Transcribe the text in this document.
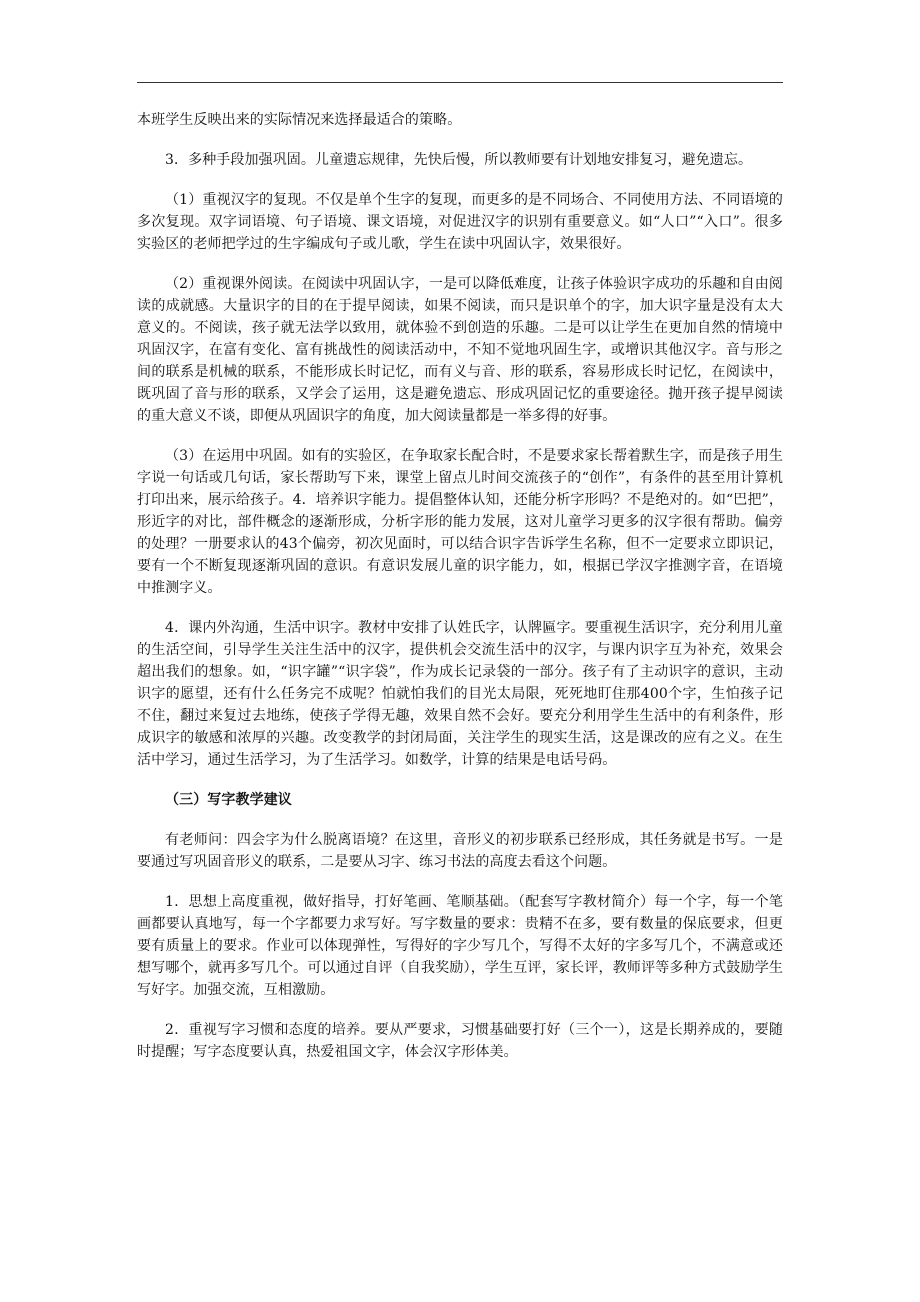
本班学生反映出来的实际情况来选择最适合的策略。

3．多种手段加强巩固。儿童遗忘规律，先快后慢，所以教师要有计划地安排复习，避免遗忘。

（1）重视汉字的复现。不仅是单个生字的复现，而更多的是不同场合、不同使用方法、不同语境的多次复现。双字词语境、句子语境、课文语境，对促进汉字的识别有重要意义。如“人口”“入口”。很多实验区的老师把学过的生字编成句子或儿歌，学生在读中巩固认字，效果很好。

（2）重视课外阅读。在阅读中巩固认字，一是可以降低难度，让孩子体验识字成功的乐趣和自由阅读的成就感。大量识字的目的在于提早阅读，如果不阅读，而只是识单个的字，加大识字量是没有太大意义的。不阅读，孩子就无法学以致用，就体验不到创造的乐趣。二是可以让学生在更加自然的情境中巩固汉字，在富有变化、富有挑战性的阅读活动中，不知不觉地巩固生字，或增识其他汉字。音与形之间的联系是机械的联系，不能形成长时记忆，而有义与音、形的联系，容易形成长时记忆，在阅读中，既巩固了音与形的联系，又学会了运用，这是避免遗忘、形成巩固记忆的重要途径。抛开孩子提早阅读的重大意义不谈，即便从巩固识字的角度，加大阅读量都是一举多得的好事。

（3）在运用中巩固。如有的实验区，在争取家长配合时，不是要求家长帮着默生字，而是孩子用生字说一句话或几句话，家长帮助写下来，课堂上留点儿时间交流孩子的“创作”，有条件的甚至用计算机打印出来，展示给孩子。4．培养识字能力。提倡整体认知，还能分析字形吗？不是绝对的。如“巴把”，形近字的对比，部件概念的逐渐形成，分析字形的能力发展，这对儿童学习更多的汉字很有帮助。偏旁的处理？一册要求认的43个偏旁，初次见面时，可以结合识字告诉学生名称，但不一定要求立即识记，要有一个不断复现逐渐巩固的意识。有意识发展儿童的识字能力，如，根据已学汉字推测字音，在语境中推测字义。

4．课内外沟通，生活中识字。教材中安排了认姓氏字，认牌匾字。要重视生活识字，充分利用儿童的生活空间，引导学生关注生活中的汉字，提供机会交流生活中的汉字，与课内识字互为补充，效果会超出我们的想象。如，“识字罐”“识字袋”，作为成长记录袋的一部分。孩子有了主动识字的意识，主动识字的愿望，还有什么任务完不成呢？怕就怕我们的目光太局限，死死地盯住那400个字，生怕孩子记不住，翻过来复过去地练，使孩子学得无趣，效果自然不会好。要充分利用学生生活中的有利条件，形成识字的敏感和浓厚的兴趣。改变教学的封闭局面，关注学生的现实生活，这是课改的应有之义。在生活中学习，通过生活学习，为了生活学习。如数学，计算的结果是电话号码。

（三）写字教学建议

有老师问：四会字为什么脱离语境？在这里，音形义的初步联系已经形成，其任务就是书写。一是要通过写巩固音形义的联系，二是要从习字、练习书法的高度去看这个问题。

1．思想上高度重视，做好指导，打好笔画、笔顺基础。（配套写字教材简介）每一个字，每一个笔画都要认真地写，每一个字都要力求写好。写字数量的要求：贵精不在多，要有数量的保底要求，但更要有质量上的要求。作业可以体现弹性，写得好的字少写几个，写得不太好的字多写几个，不满意或还想写哪个，就再多写几个。可以通过自评（自我奖励），学生互评，家长评，教师评等多种方式鼓励学生写好字。加强交流，互相激励。

2．重视写字习惯和态度的培养。要从严要求，习惯基础要打好（三个一），这是长期养成的，要随时提醒；写字态度要认真，热爱祖国文字，体会汉字形体美。
